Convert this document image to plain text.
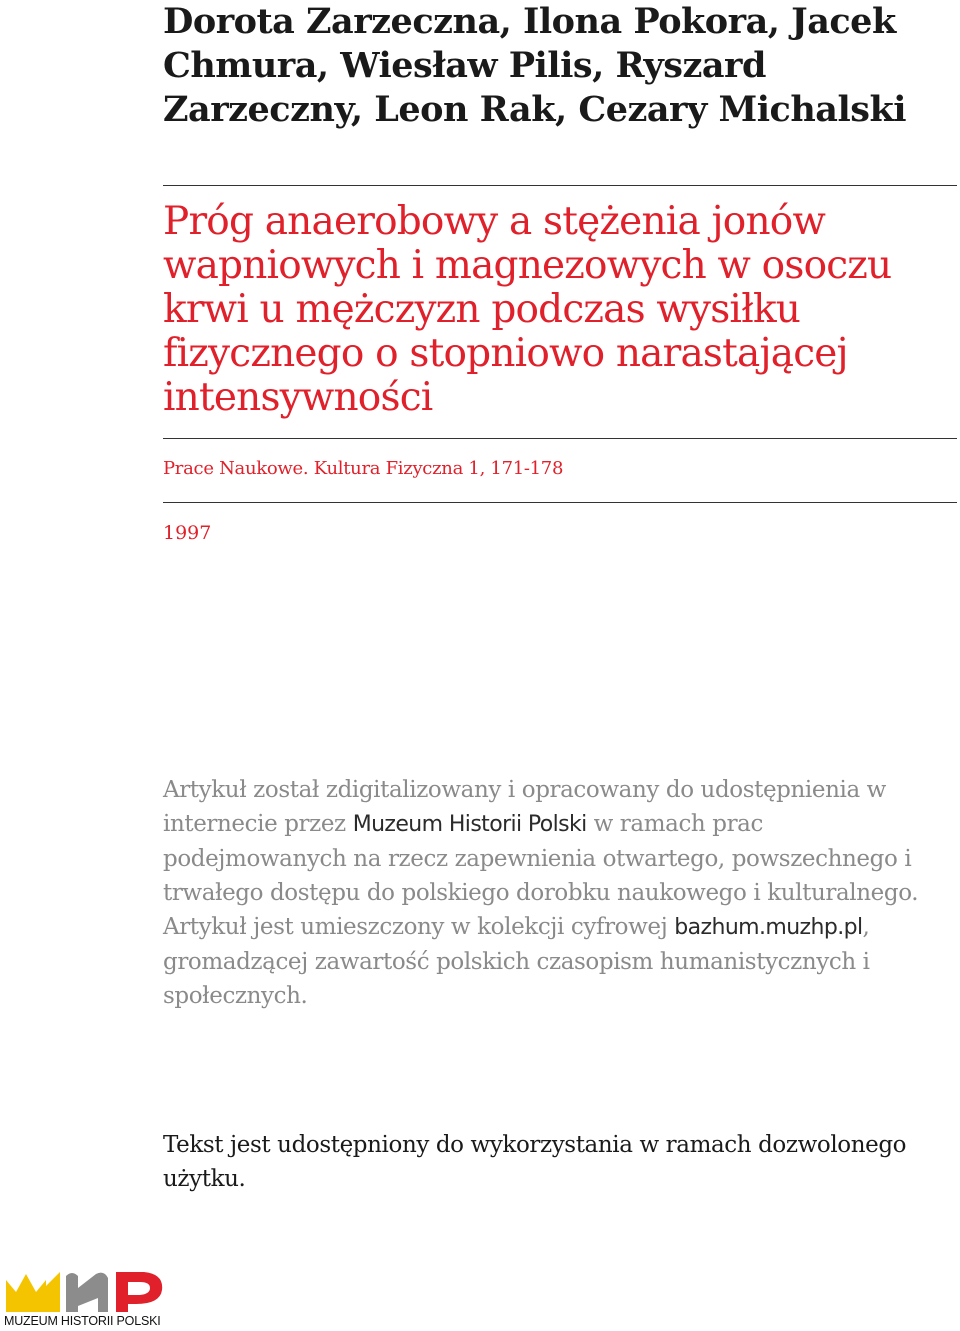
Dorota Zarzeczna, Ilona Pokora, Jacek Chmura, Wiesław Pilis, Ryszard Zarzeczny, Leon Rak, Cezary Michalski
Próg anaerobowy a stężenia jonów wapniowych i magnezowych w osoczu krwi u mężczyzn podczas wysiłku fizycznego o stopniowo narastającej intensywności

Prace Naukowe. Kultura Fizyczna 1, 171-178

1997

Artykuł został zdigitalizowany i opracowany do udostępnienia w internecie przez Muzeum Historii Polski w ramach prac podejmowanych na rzecz zapewnienia otwartego, powszechnego i trwałego dostępu do polskiego dorobku naukowego i kulturalnego. Artykuł jest umieszczony w kolekcji cyfrowej bazhum.muzhp.pl, gromadzącej zawartość polskich czasopism humanistycznych i społecznych.

Tekst jest udostępniony do wykorzystania w ramach dozwolonego użytku.

MUZEUM HISTORII POLSKI
